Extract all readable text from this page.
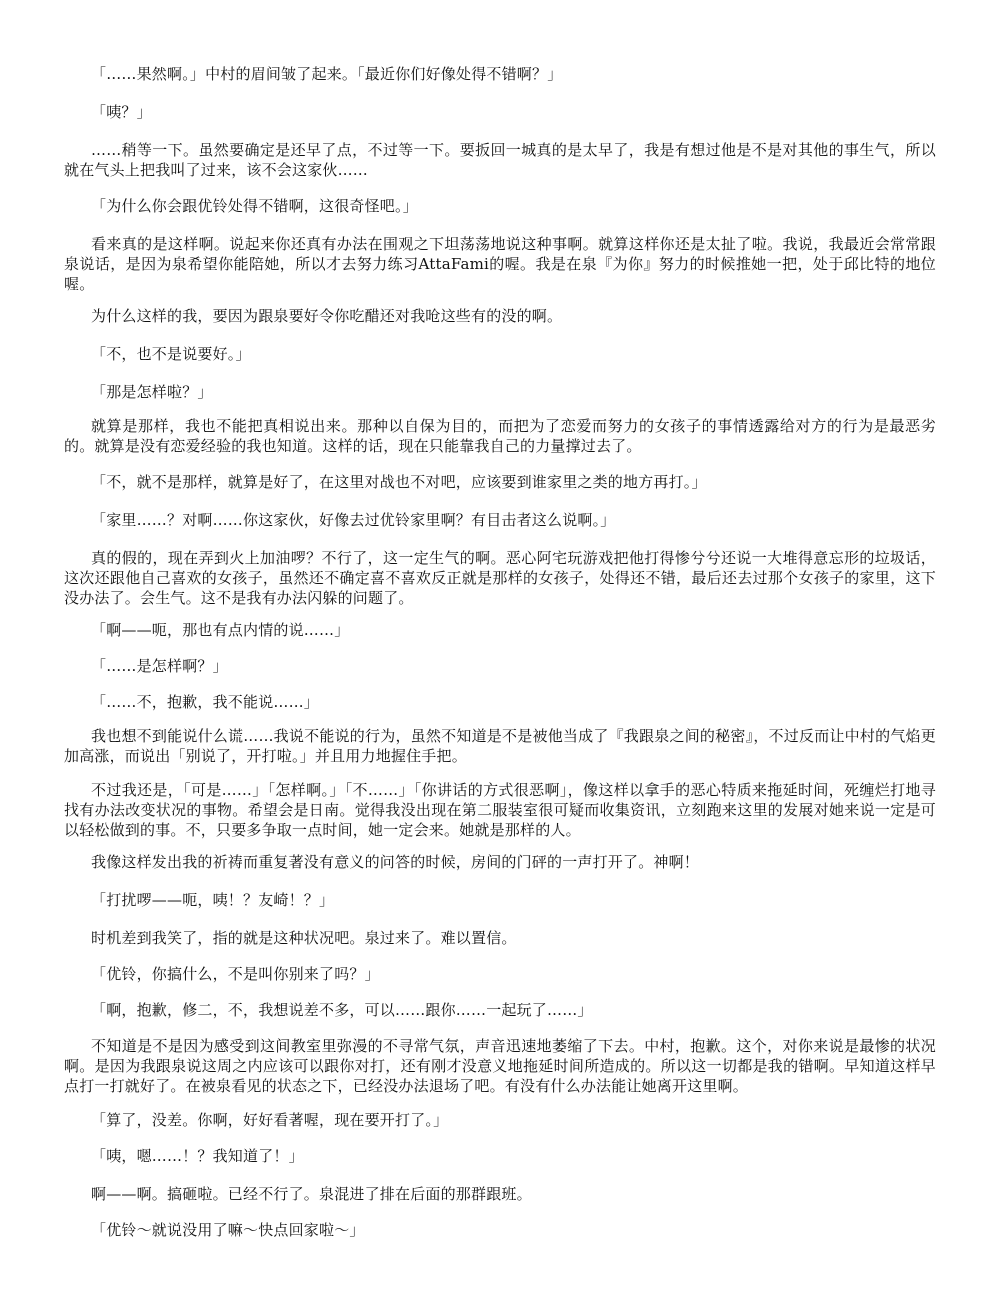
「……果然啊。」中村的眉间皱了起来。「最近你们好像处得不错啊？」

「咦？」

……稍等一下。虽然要确定是还早了点，不过等一下。要扳回一城真的是太早了，我是有想过他是不是对其他的事生气，所以就在气头上把我叫了过来，该不会这家伙……

「为什么你会跟优铃处得不错啊，这很奇怪吧。」

看来真的是这样啊。说起来你还真有办法在围观之下坦荡荡地说这种事啊。就算这样你还是太扯了啦。我说，我最近会常常跟泉说话，是因为泉希望你能陪她，所以才去努力练习AttaFami的喔。我是在泉『为你』努力的时候推她一把，处于邱比特的地位喔。

为什么这样的我，要因为跟泉要好令你吃醋还对我呛这些有的没的啊。

「不，也不是说要好。」

「那是怎样啦？」

就算是那样，我也不能把真相说出来。那种以自保为目的，而把为了恋爱而努力的女孩子的事情透露给对方的行为是最恶劣的。就算是没有恋爱经验的我也知道。这样的话，现在只能靠我自己的力量撑过去了。

「不，就不是那样，就算是好了，在这里对战也不对吧，应该要到谁家里之类的地方再打。」

「家里……？对啊……你这家伙，好像去过优铃家里啊？有目击者这么说啊。」

真的假的，现在弄到火上加油啰？不行了，这一定生气的啊。恶心阿宅玩游戏把他打得惨兮兮还说一大堆得意忘形的垃圾话，这次还跟他自己喜欢的女孩子，虽然还不确定喜不喜欢反正就是那样的女孩子，处得还不错，最后还去过那个女孩子的家里，这下没办法了。会生气。这不是我有办法闪躲的问题了。

「啊——呃，那也有点内情的说……」

「……是怎样啊？」

「……不，抱歉，我不能说……」

我也想不到能说什么谎……我说不能说的行为，虽然不知道是不是被他当成了『我跟泉之间的秘密』，不过反而让中村的气焰更加高涨，而说出「别说了，开打啦。」并且用力地握住手把。

不过我还是，「可是……」「怎样啊。」「不……」「你讲话的方式很恶啊」，像这样以拿手的恶心特质来拖延时间，死缠烂打地寻找有办法改变状况的事物。希望会是日南。觉得我没出现在第二服装室很可疑而收集资讯，立刻跑来这里的发展对她来说一定是可以轻松做到的事。不，只要多争取一点时间，她一定会来。她就是那样的人。

我像这样发出我的祈祷而重复著没有意义的问答的时候，房间的门砰的一声打开了。神啊！

「打扰啰——呃，咦！？友崎！？」

时机差到我笑了，指的就是这种状况吧。泉过来了。难以置信。

「优铃，你搞什么，不是叫你别来了吗？」

「啊，抱歉，修二，不，我想说差不多，可以……跟你……一起玩了……」

不知道是不是因为感受到这间教室里弥漫的不寻常气氛，声音迅速地萎缩了下去。中村，抱歉。这个，对你来说是最惨的状况啊。是因为我跟泉说这周之内应该可以跟你对打，还有刚才没意义地拖延时间所造成的。所以这一切都是我的错啊。早知道这样早点打一打就好了。在被泉看见的状态之下，已经没办法退场了吧。有没有什么办法能让她离开这里啊。

「算了，没差。你啊，好好看著喔，现在要开打了。」

「咦，嗯……！？我知道了！」

啊——啊。搞砸啦。已经不行了。泉混进了排在后面的那群跟班。

「优铃～就说没用了嘛～快点回家啦～」
